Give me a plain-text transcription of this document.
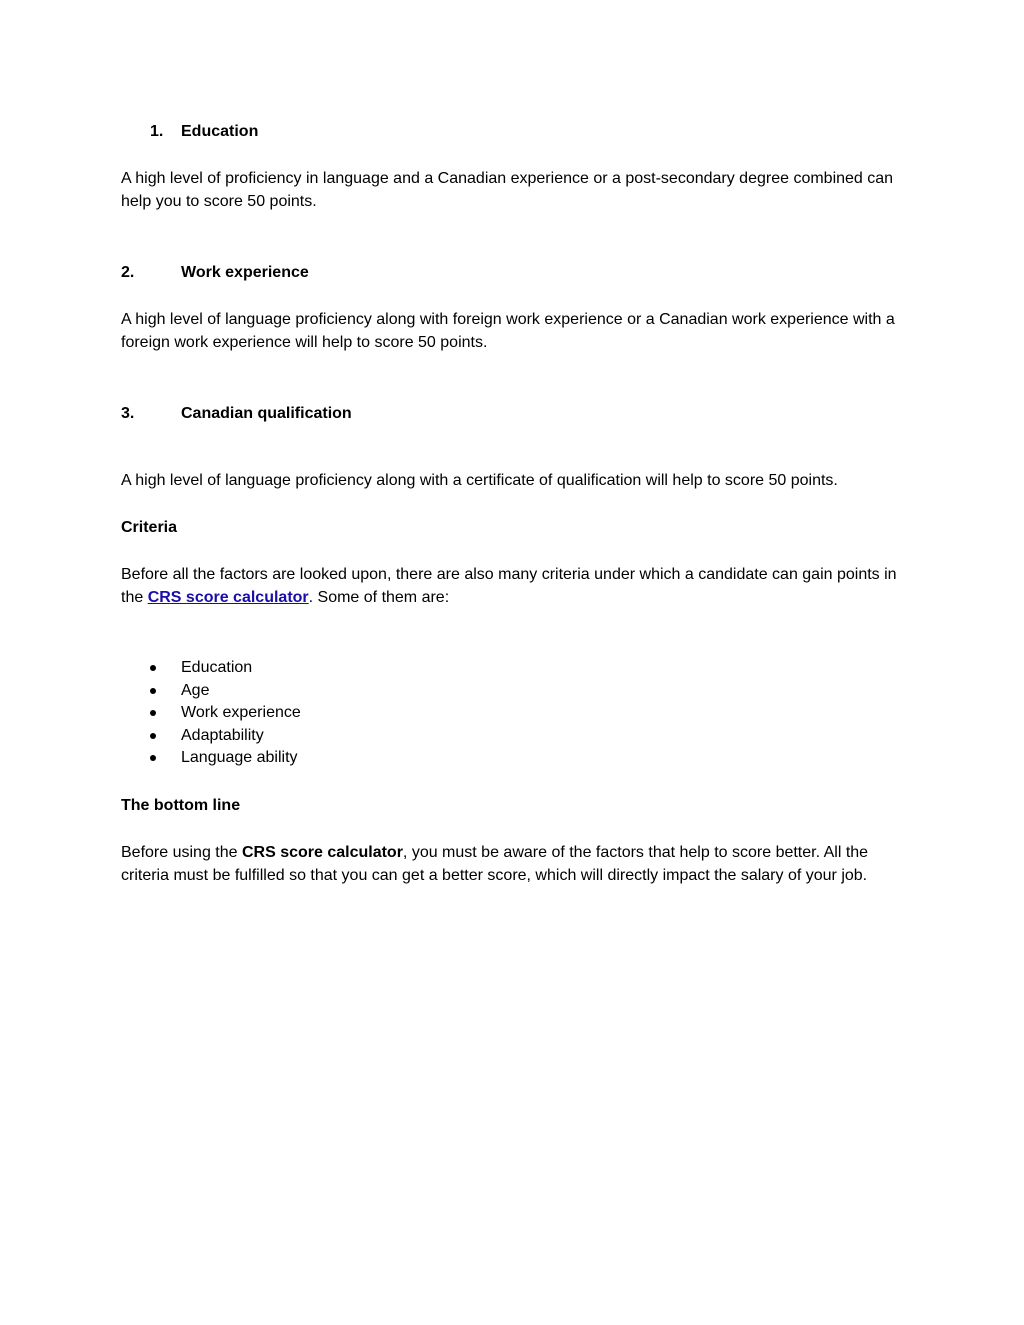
1. Education
A high level of proficiency in language and a Canadian experience or a post-secondary degree combined can help you to score 50 points.
2.	Work experience
A high level of language proficiency along with foreign work experience or a Canadian work experience with a foreign work experience will help to score 50 points.
3.	Canadian qualification
A high level of language proficiency along with a certificate of qualification will help to score 50 points.
Criteria
Before all the factors are looked upon, there are also many criteria under which a candidate can gain points in the CRS score calculator. Some of them are:
Education
Age
Work experience
Adaptability
Language ability
The bottom line
Before using the CRS score calculator, you must be aware of the factors that help to score better. All the criteria must be fulfilled so that you can get a better score, which will directly impact the salary of your job.
